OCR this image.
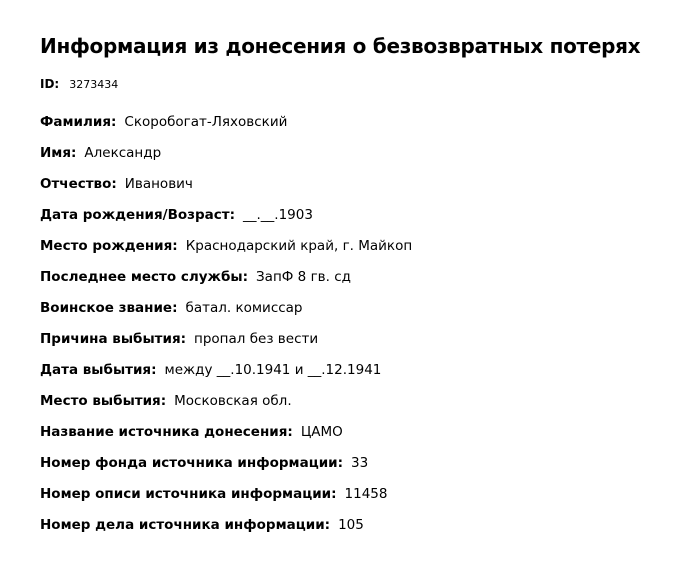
Информация из донесения о безвозвратных потерях
ID: 3273434
Фамилия: Скоробогат-Ляховский
Имя: Александр
Отчество: Иванович
Дата рождения/Возраст: __.__.1903
Место рождения: Краснодарский край, г. Майкоп
Последнее место службы: ЗапФ 8 гв. сд
Воинское звание: батал. комиссар
Причина выбытия: пропал без вести
Дата выбытия: между __.10.1941 и __.12.1941
Место выбытия: Московская обл.
Название источника донесения: ЦАМО
Номер фонда источника информации: 33
Номер описи источника информации: 11458
Номер дела источника информации: 105
